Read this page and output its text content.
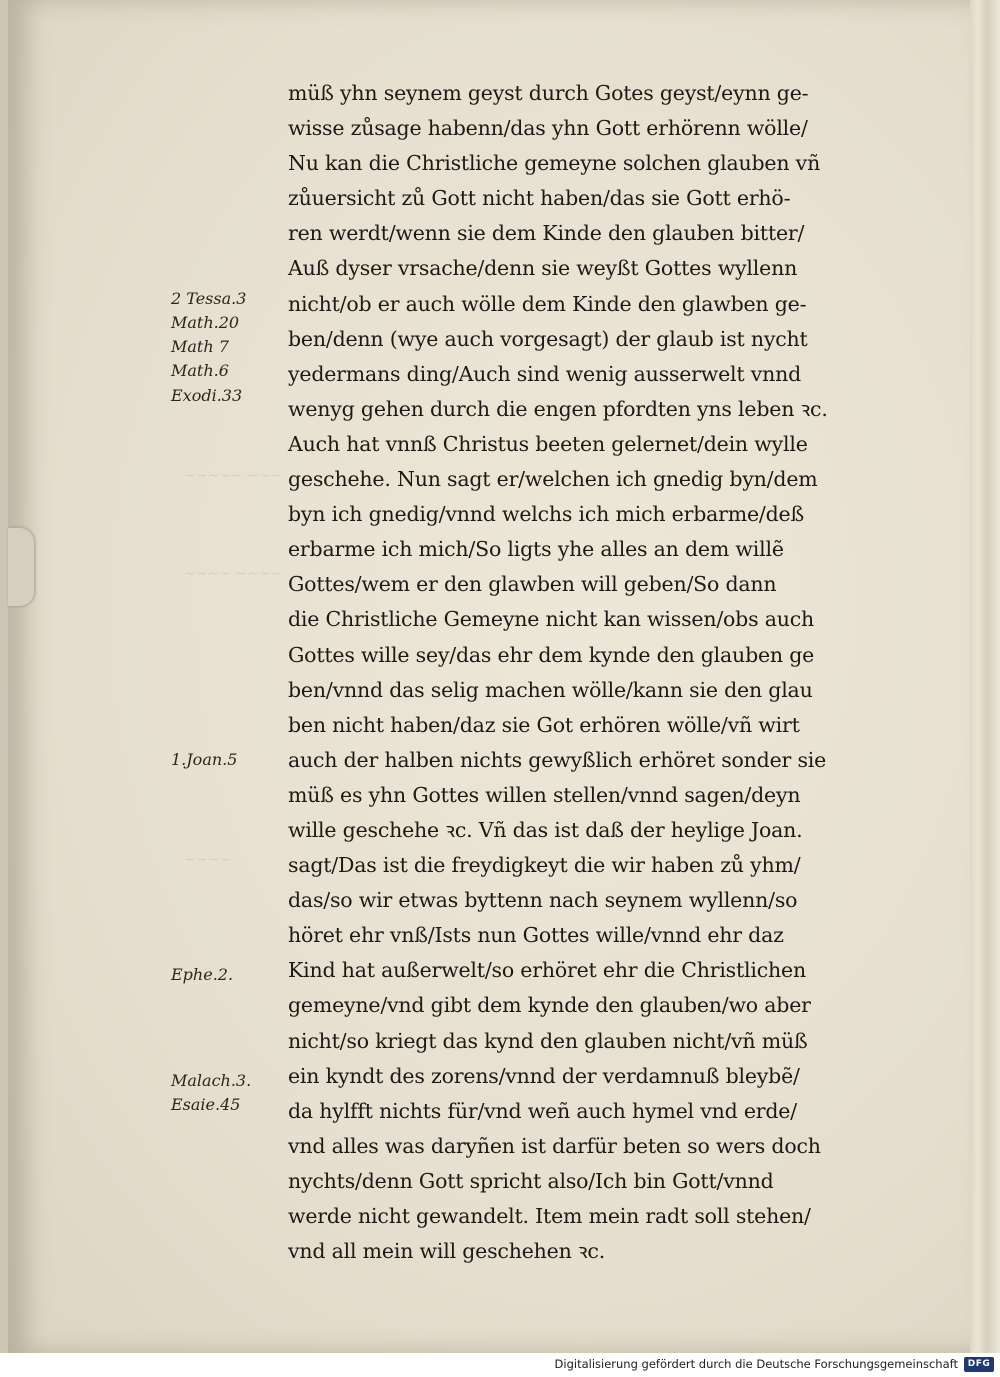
~~~~~ ~~~
~~~~ ~~~~
~~~~
müß yhn seynem geyst durch Gotes geyst/eynn ge-
wisse zůsage habenn/das yhn Gott erhörenn wölle/
Nu kan die Christliche gemeyne solchen glauben vñ
zůuersicht zů Gott nicht haben/das sie Gott erhö-
ren werdt/wenn sie dem Kinde den glauben bitter/
Auß dyser vrsache/denn sie weyßt Gottes wyllenn
nicht/ob er auch wölle dem Kinde den glawben ge-
ben/denn (wye auch vorgesagt) der glaub ist nycht
yedermans ding/Auch sind wenig ausserwelt vnnd
wenyg gehen durch die engen pfordten yns leben ꝛc.
Auch hat vnnß Christus beeten gelernet/dein wylle
geschehe. Nun sagt er/welchen ich gnedig byn/dem
byn ich gnedig/vnnd welchs ich mich erbarme/deß
erbarme ich mich/So ligts yhe alles an dem willẽ
Gottes/wem er den glawben will geben/So dann
die Christliche Gemeyne nicht kan wissen/obs auch
Gottes wille sey/das ehr dem kynde den glauben ge
ben/vnnd das selig machen wölle/kann sie den glau
ben nicht haben/daz sie Got erhören wölle/vñ wirt
auch der halben nichts gewyßlich erhöret sonder sie
müß es yhn Gottes willen stellen/vnnd sagen/deyn
wille geschehe ꝛc. Vñ das ist daß der heylige Joan.
sagt/Das ist die freydigkeyt die wir haben zů yhm/
das/so wir etwas byttenn nach seynem wyllenn/so
höret ehr vnß/Ists nun Gottes wille/vnnd ehr daz
Kind hat außerwelt/so erhöret ehr die Christlichen
gemeyne/vnd gibt dem kynde den glauben/wo aber
nicht/so kriegt das kynd den glauben nicht/vñ müß
ein kyndt des zorens/vnnd der verdamnuß bleybẽ/
da hylfft nichts für/vnd weñ auch hymel vnd erde/
vnd alles was daryñen ist darfür beten so wers doch
nychts/denn Gott spricht also/Ich bin Gott/vnnd
werde nicht gewandelt. Item mein radt soll stehen/
vnd all mein will geschehen ꝛc.
2 Tessa.3
Math.20
Math 7
Math.6
Exodi.33
1.Joan.5
Ephe.2.
Malach.3.
Esaie.45
Digitalisierung gefördert durch die Deutsche Forschungsgemeinschaft	DFG
